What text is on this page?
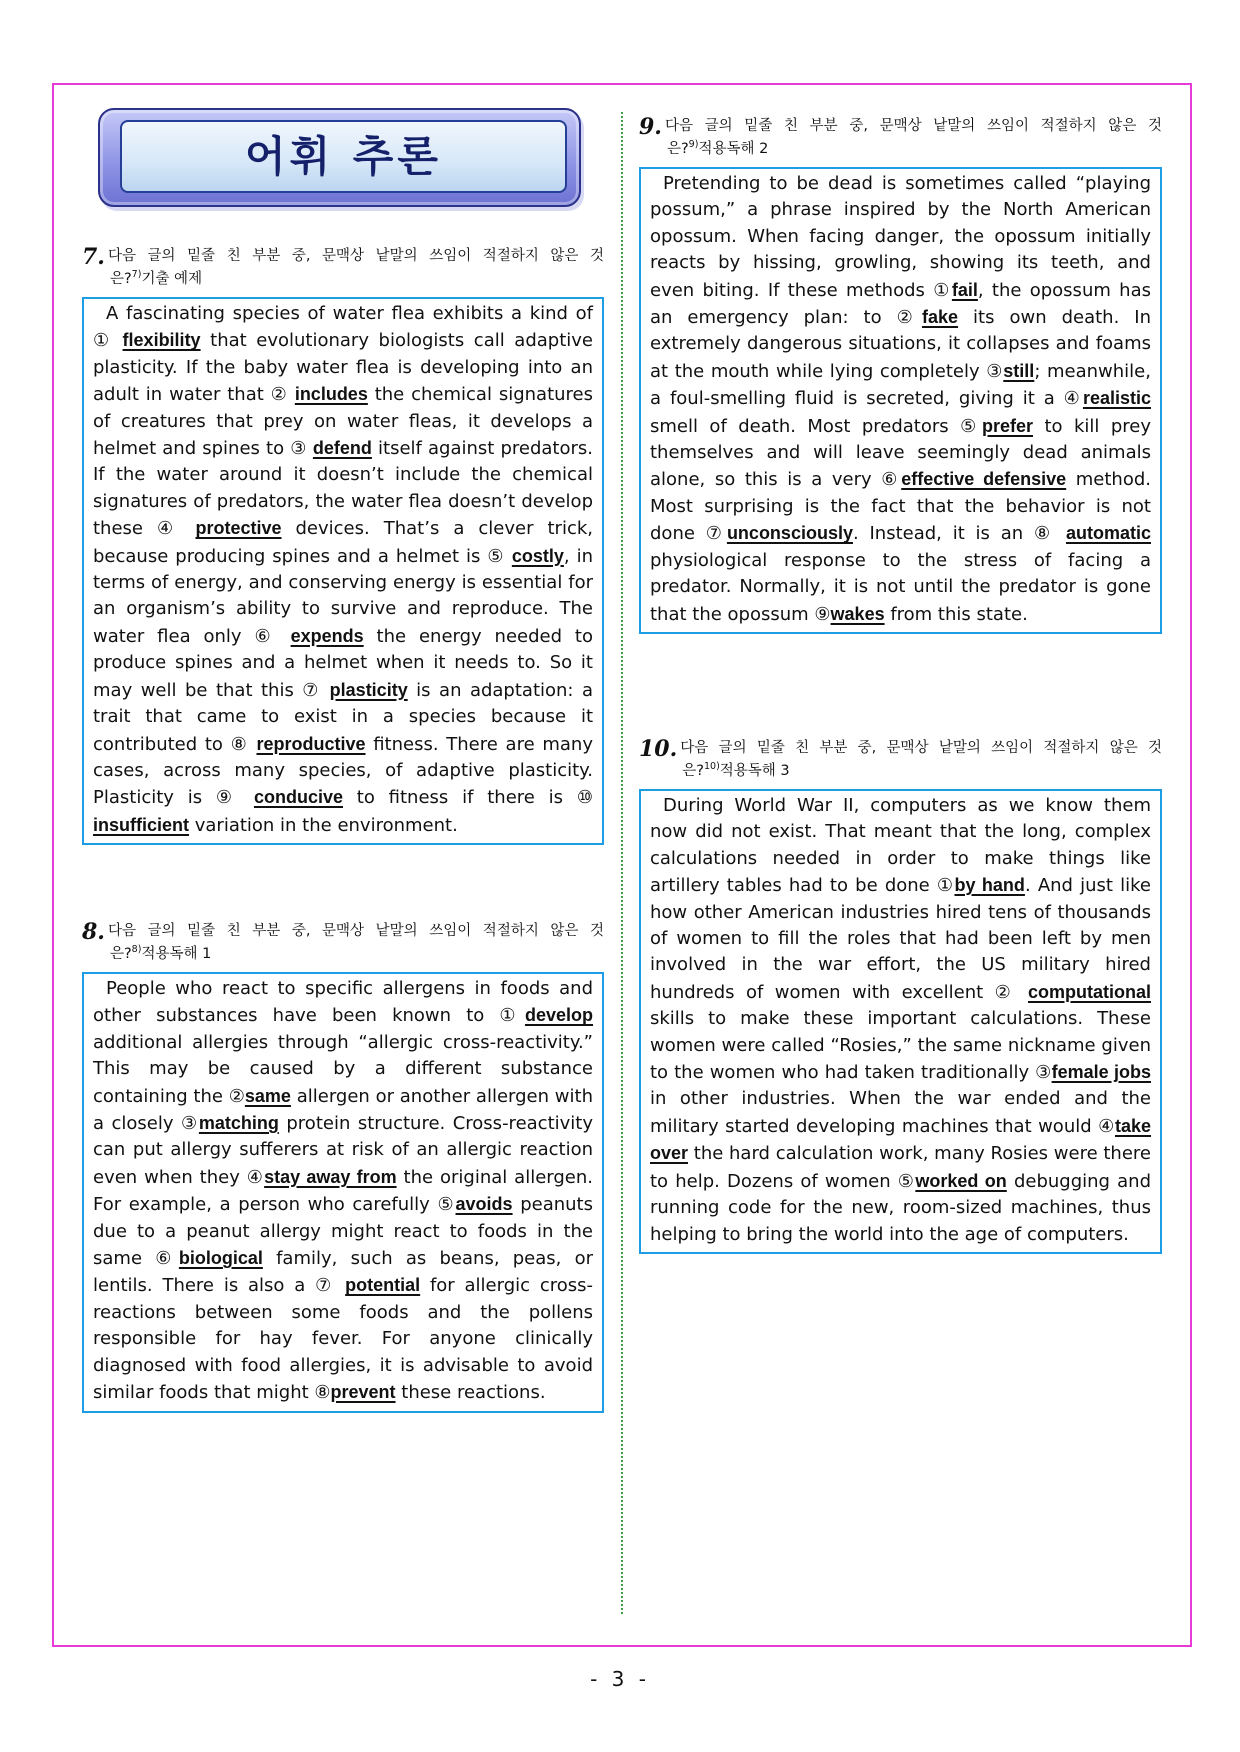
어휘 추론
7. 다음 글의 밑줄 친 부분 중, 문맥상 낱말의 쓰임이 적절하지 않은 것
은?$^{7)}$기출 예제
A fascinating species of water flea exhibits a kind of ① flexibility that evolutionary biologists call adaptive plasticity. If the baby water flea is developing into an adult in water that ② includes the chemical signatures of creatures that prey on water fleas, it develops a helmet and spines to ③ defend itself against predators. If the water around it doesn’t include the chemical signatures of predators, the water flea doesn’t develop these ④ protective devices. That’s a clever trick, because producing spines and a helmet is ⑤ costly, in terms of energy, and conserving energy is essential for an organism’s ability to survive and reproduce. The water flea only ⑥ expends the energy needed to produce spines and a helmet when it needs to. So it may well be that this ⑦ plasticity is an adaptation: a trait that came to exist in a species because it contributed to ⑧ reproductive fitness. There are many cases, across many species, of adaptive plasticity. Plasticity is ⑨ conducive to fitness if there is ⑩ insufficient variation in the environment.
8. 다음 글의 밑줄 친 부분 중, 문맥상 낱말의 쓰임이 적절하지 않은 것
은?$^{8)}$적용독해 1
People who react to specific allergens in foods and other substances have been known to ①develop additional allergies through “allergic cross-reactivity.” This may be caused by a different substance containing the ②same allergen or another allergen with a closely ③matching protein structure. Cross-reactivity can put allergy sufferers at risk of an allergic reaction even when they ④stay away from the original allergen. For example, a person who carefully ⑤avoids peanuts due to a peanut allergy might react to foods in the same ⑥biological family, such as beans, peas, or lentils. There is also a ⑦ potential for allergic cross-reactions between some foods and the pollens responsible for hay fever. For anyone clinically diagnosed with food allergies, it is advisable to avoid similar foods that might ⑧prevent these reactions.
9. 다음 글의 밑줄 친 부분 중, 문맥상 낱말의 쓰임이 적절하지 않은 것
은?$^{9)}$적용독해 2
Pretending to be dead is sometimes called “playing possum,” a phrase inspired by the North American opossum. When facing danger, the opossum initially reacts by hissing, growling, showing its teeth, and even biting. If these methods ①fail, the opossum has an emergency plan: to ②fake its own death. In extremely dangerous situations, it collapses and foams at the mouth while lying completely ③still; meanwhile, a foul-smelling fluid is secreted, giving it a ④realistic smell of death. Most predators ⑤prefer to kill prey themselves and will leave seemingly dead animals alone, so this is a very ⑥effective defensive method. Most surprising is the fact that the behavior is not done ⑦unconsciously. Instead, it is an ⑧ automatic physiological response to the stress of facing a predator. Normally, it is not until the predator is gone that the opossum ⑨wakes from this state.
10. 다음 글의 밑줄 친 부분 중, 문맥상 낱말의 쓰임이 적절하지 않은 것
은?$^{10)}$적용독해 3
During World War II, computers as we know them now did not exist. That meant that the long, complex calculations needed in order to make things like artillery tables had to be done ①by hand. And just like how other American industries hired tens of thousands of women to fill the roles that had been left by men involved in the war effort, the US military hired hundreds of women with excellent ② computational skills to make these important calculations. These women were called “Rosies,” the same nickname given to the women who had taken traditionally ③female jobs in other industries. When the war ended and the military started developing machines that would ④take over the hard calculation work, many Rosies were there to help. Dozens of women ⑤worked on debugging and running code for the new, room-sized machines, thus helping to bring the world into the age of computers.
- 3 -
